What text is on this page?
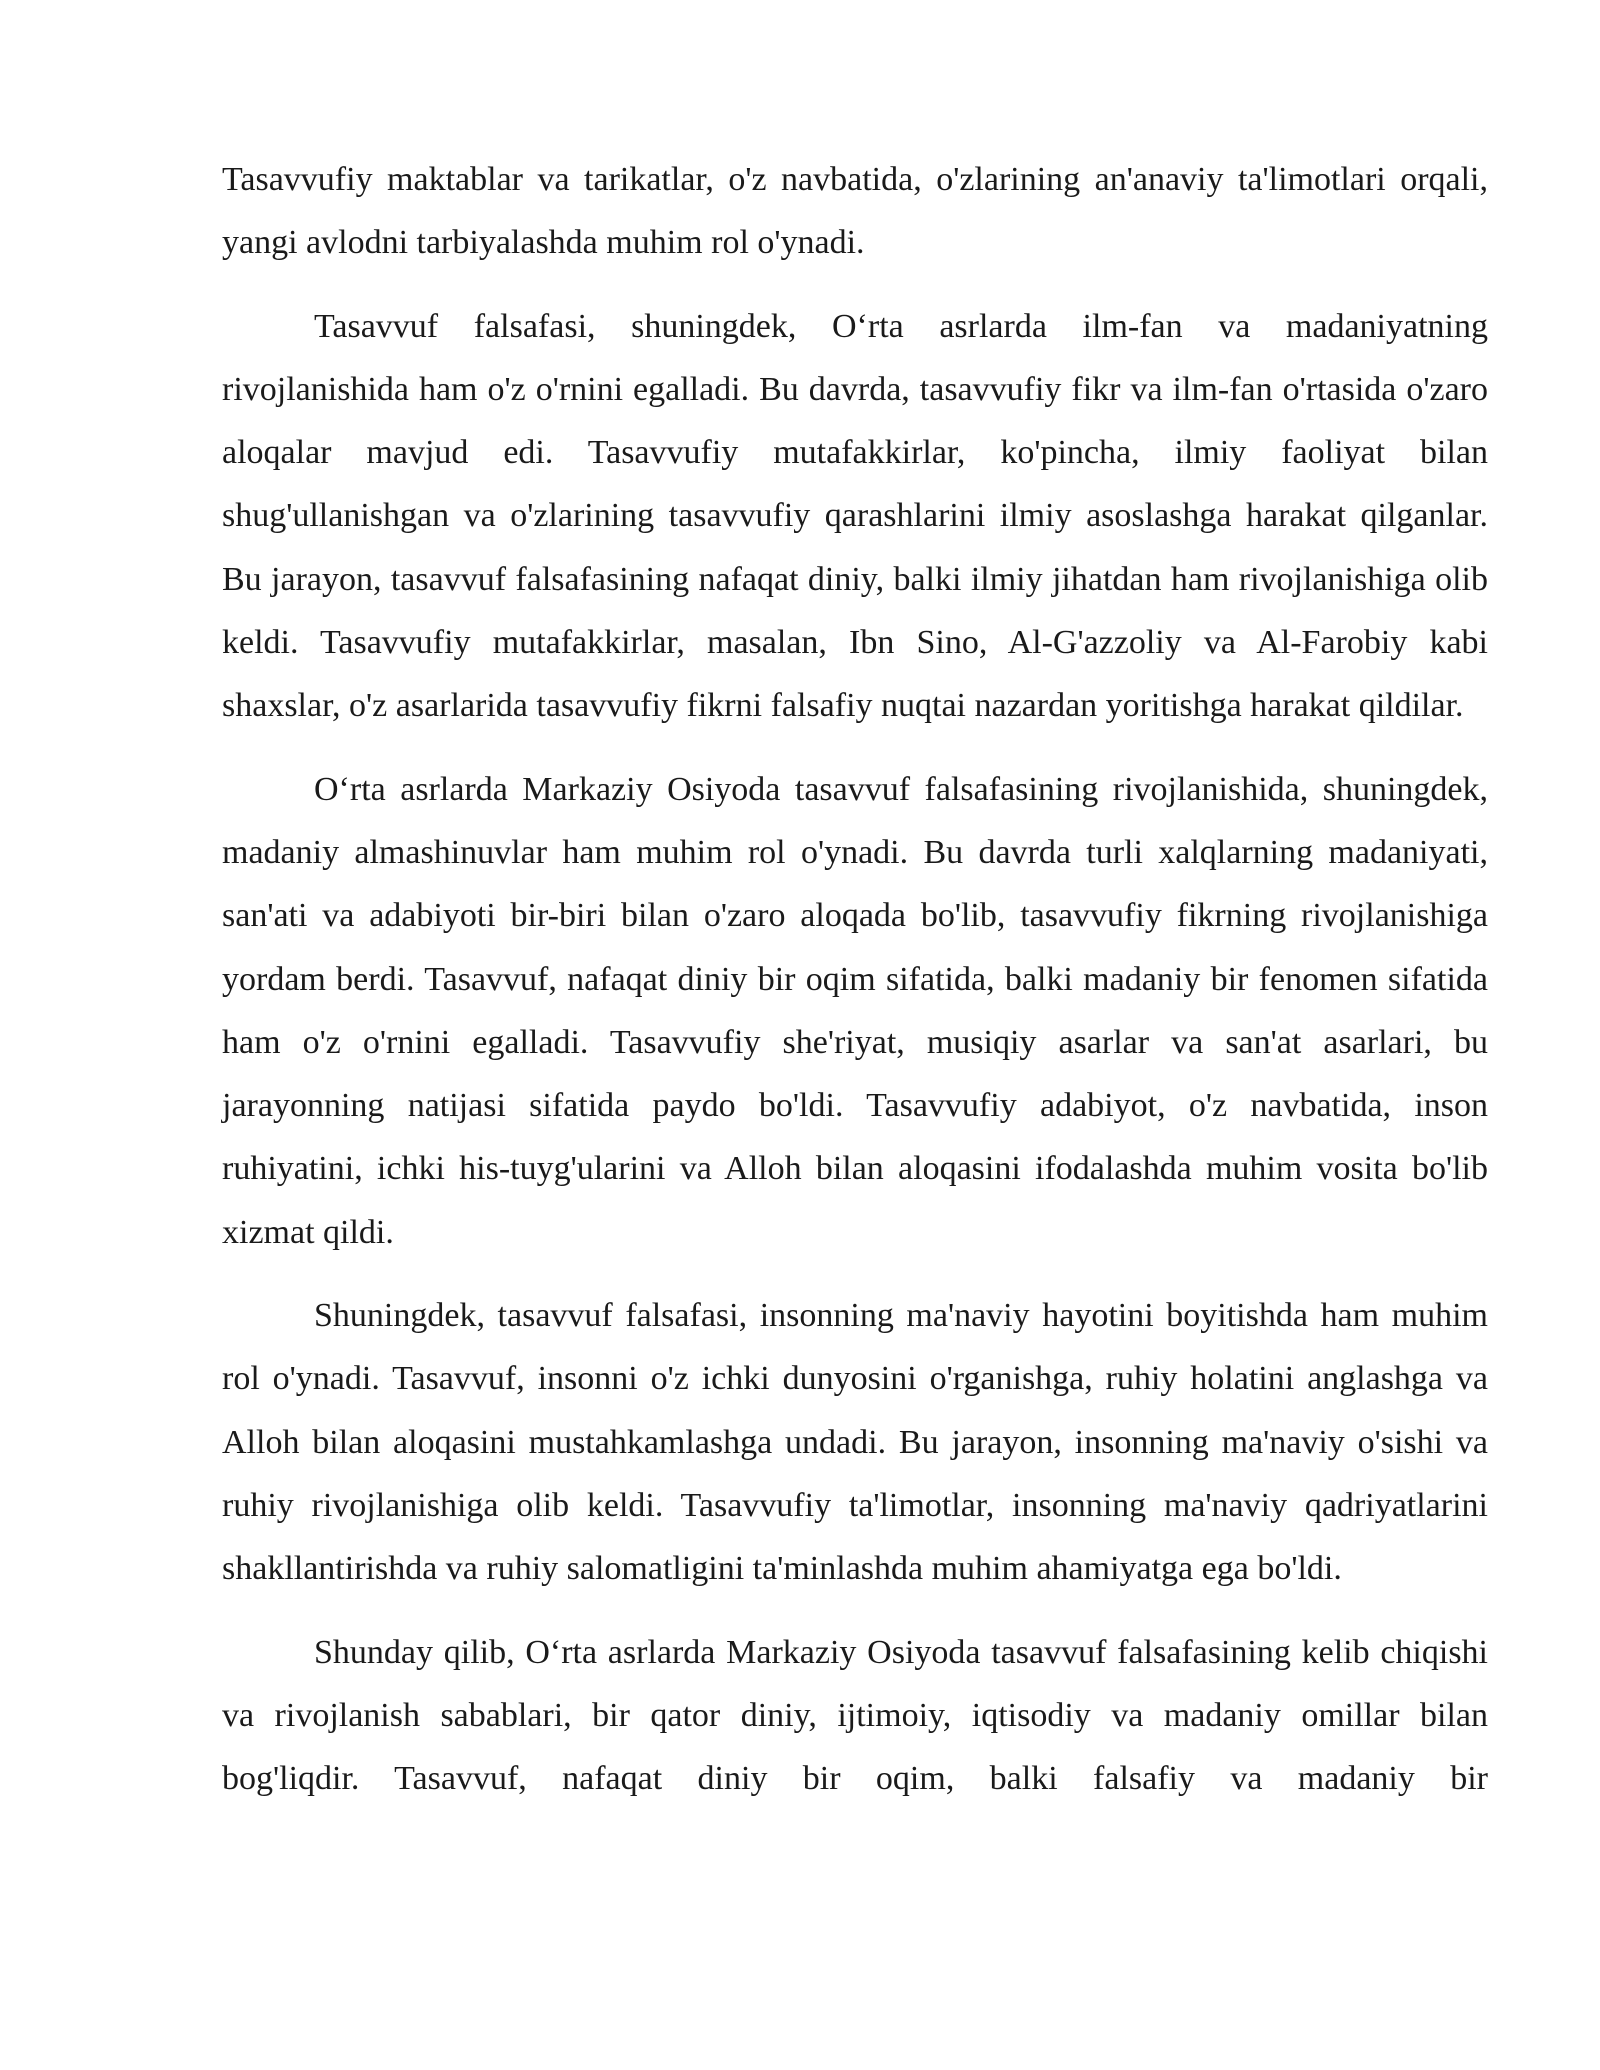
Tasavvufiy maktablar va tarikatlar, o'z navbatida, o'zlarining an'anaviy ta'limotlari orqali, yangi avlodni tarbiyalashda muhim rol o'ynadi.

Tasavvuf falsafasi, shuningdek, O‘rta asrlarda ilm-fan va madaniyatning rivojlanishida ham o'z o'rnini egalladi. Bu davrda, tasavvufiy fikr va ilm-fan o'rtasida o'zaro aloqalar mavjud edi. Tasavvufiy mutafakkirlar, ko'pincha, ilmiy faoliyat bilan shug'ullanishgan va o'zlarining tasavvufiy qarashlarini ilmiy asoslashga harakat qilganlar. Bu jarayon, tasavvuf falsafasining nafaqat diniy, balki ilmiy jihatdan ham rivojlanishiga olib keldi. Tasavvufiy mutafakkirlar, masalan, Ibn Sino, Al-G'azzoliy va Al-Farobiy kabi shaxslar, o'z asarlarida tasavvufiy fikrni falsafiy nuqtai nazardan yoritishga harakat qildilar.

O‘rta asrlarda Markaziy Osiyoda tasavvuf falsafasining rivojlanishida, shuningdek, madaniy almashinuvlar ham muhim rol o'ynadi. Bu davrda turli xalqlarning madaniyati, san'ati va adabiyoti bir-biri bilan o'zaro aloqada bo'lib, tasavvufiy fikrning rivojlanishiga yordam berdi. Tasavvuf, nafaqat diniy bir oqim sifatida, balki madaniy bir fenomen sifatida ham o'z o'rnini egalladi. Tasavvufiy she'riyat, musiqiy asarlar va san'at asarlari, bu jarayonning natijasi sifatida paydo bo'ldi. Tasavvufiy adabiyot, o'z navbatida, inson ruhiyatini, ichki his-tuyg'ularini va Alloh bilan aloqasini ifodalashda muhim vosita bo'lib xizmat qildi.

Shuningdek, tasavvuf falsafasi, insonning ma'naviy hayotini boyitishda ham muhim rol o'ynadi. Tasavvuf, insonni o'z ichki dunyosini o'rganishga, ruhiy holatini anglashga va Alloh bilan aloqasini mustahkamlashga undadi. Bu jarayon, insonning ma'naviy o'sishi va ruhiy rivojlanishiga olib keldi. Tasavvufiy ta'limotlar, insonning ma'naviy qadriyatlarini shakllantirishda va ruhiy salomatligini ta'minlashda muhim ahamiyatga ega bo'ldi.

Shunday qilib, O‘rta asrlarda Markaziy Osiyoda tasavvuf falsafasining kelib chiqishi va rivojlanish sabablari, bir qator diniy, ijtimoiy, iqtisodiy va madaniy omillar bilan bog'liqdir. Tasavvuf, nafaqat diniy bir oqim, balki falsafiy va madaniy bir
